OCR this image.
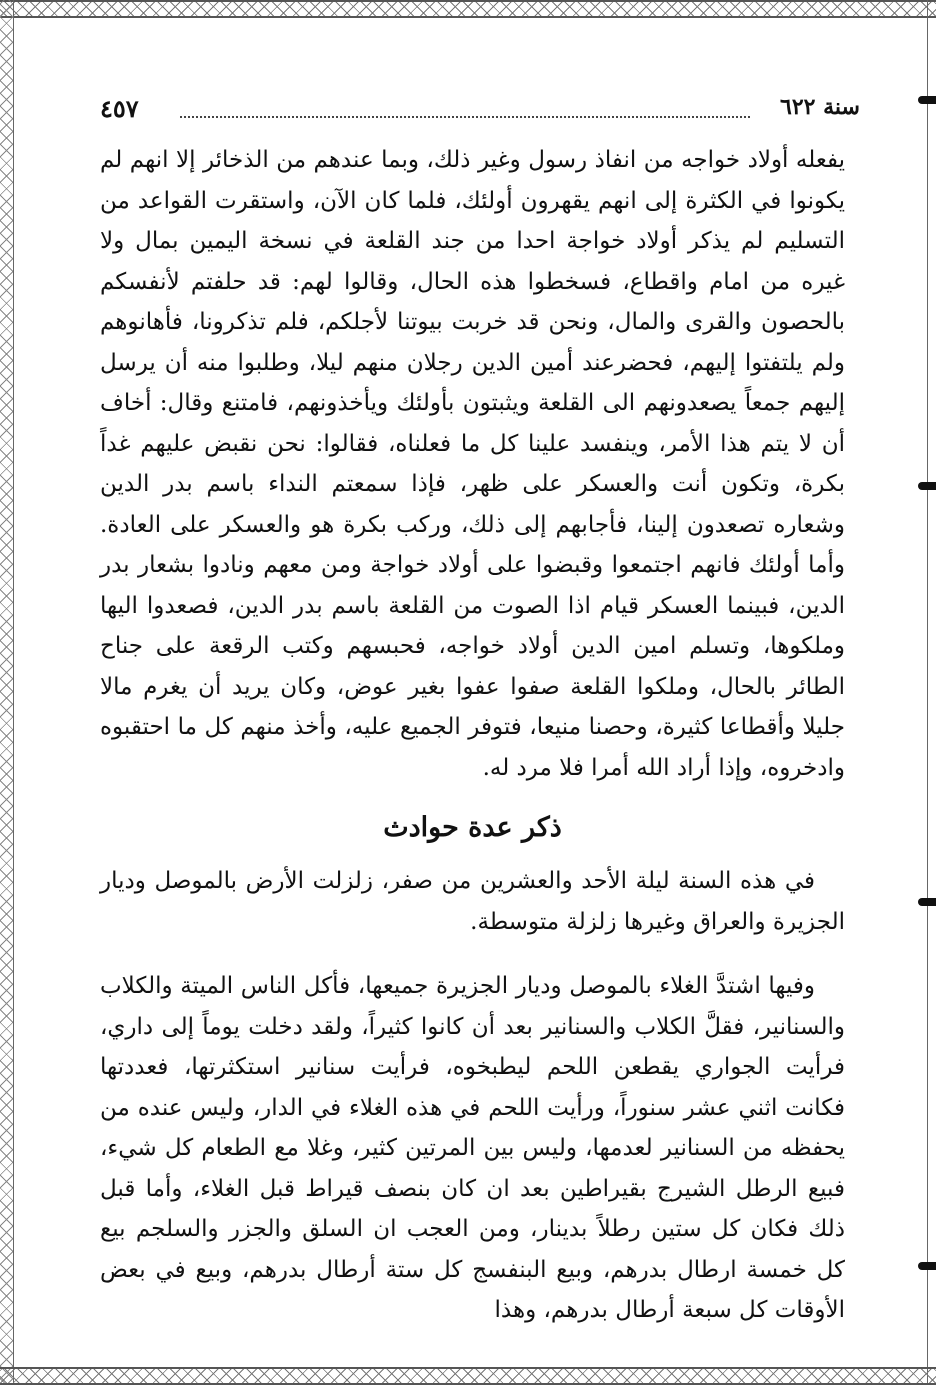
سنة ٦٢٢
٤٥٧

يفعله أولاد خواجه من انفاذ رسول وغير ذلك، وبما عندهم من الذخائر إلا انهم لم يكونوا في الكثرة إلى انهم يقهرون أولئك، فلما كان الآن، واستقرت القواعد من التسليم لم يذكر أولاد خواجة احدا من جند القلعة في نسخة اليمين بمال ولا غيره من امام واقطاع، فسخطوا هذه الحال، وقالوا لهم: قد حلفتم لأنفسكم بالحصون والقرى والمال، ونحن قد خربت بيوتنا لأجلكم، فلم تذكرونا، فأهانوهم ولم يلتفتوا إليهم، فحضرعند أمين الدين رجلان منهم ليلا، وطلبوا منه أن يرسل إليهم جمعاً يصعدونهم الى القلعة ويثبتون بأولئك ويأخذونهم، فامتنع وقال: أخاف أن لا يتم هذا الأمر، وينفسد علينا كل ما فعلناه، فقالوا: نحن نقبض عليهم غداً بكرة، وتكون أنت والعسكر على ظهر، فإذا سمعتم النداء باسم بدر الدين وشعاره تصعدون إلينا، فأجابهم إلى ذلك، وركب بكرة هو والعسكر على العادة. وأما أولئك فانهم اجتمعوا وقبضوا على أولاد خواجة ومن معهم ونادوا بشعار بدر الدين، فبينما العسكر قيام اذا الصوت من القلعة باسم بدر الدين، فصعدوا اليها وملكوها، وتسلم امين الدين أولاد خواجه، فحبسهم وكتب الرقعة على جناح الطائر بالحال، وملكوا القلعة صفوا عفوا بغير عوض، وكان يريد أن يغرم مالا جليلا وأقطاعا كثيرة، وحصنا منيعا، فتوفر الجميع عليه، وأخذ منهم كل ما احتقبوه وادخروه، وإذا أراد الله أمرا فلا مرد له.

ذكر عدة حوادث

في هذه السنة ليلة الأحد والعشرين من صفر، زلزلت الأرض بالموصل وديار الجزيرة والعراق وغيرها زلزلة متوسطة.

وفيها اشتدَّ الغلاء بالموصل وديار الجزيرة جميعها، فأكل الناس الميتة والكلاب والسنانير، فقلَّ الكلاب والسنانير بعد أن كانوا كثيراً، ولقد دخلت يوماً إلى داري، فرأيت الجواري يقطعن اللحم ليطبخوه، فرأيت سنانير استكثرتها، فعددتها فكانت اثني عشر سنوراً، ورأيت اللحم في هذه الغلاء في الدار، وليس عنده من يحفظه من السنانير لعدمها، وليس بين المرتين كثير، وغلا مع الطعام كل شيء، فبيع الرطل الشيرج بقيراطين بعد ان كان بنصف قيراط قبل الغلاء، وأما قبل ذلك فكان كل ستين رطلاً بدينار، ومن العجب ان السلق والجزر والسلجم بيع كل خمسة ارطال بدرهم، وبيع البنفسج كل ستة أرطال بدرهم، وبيع في بعض الأوقات كل سبعة أرطال بدرهم، وهذا
